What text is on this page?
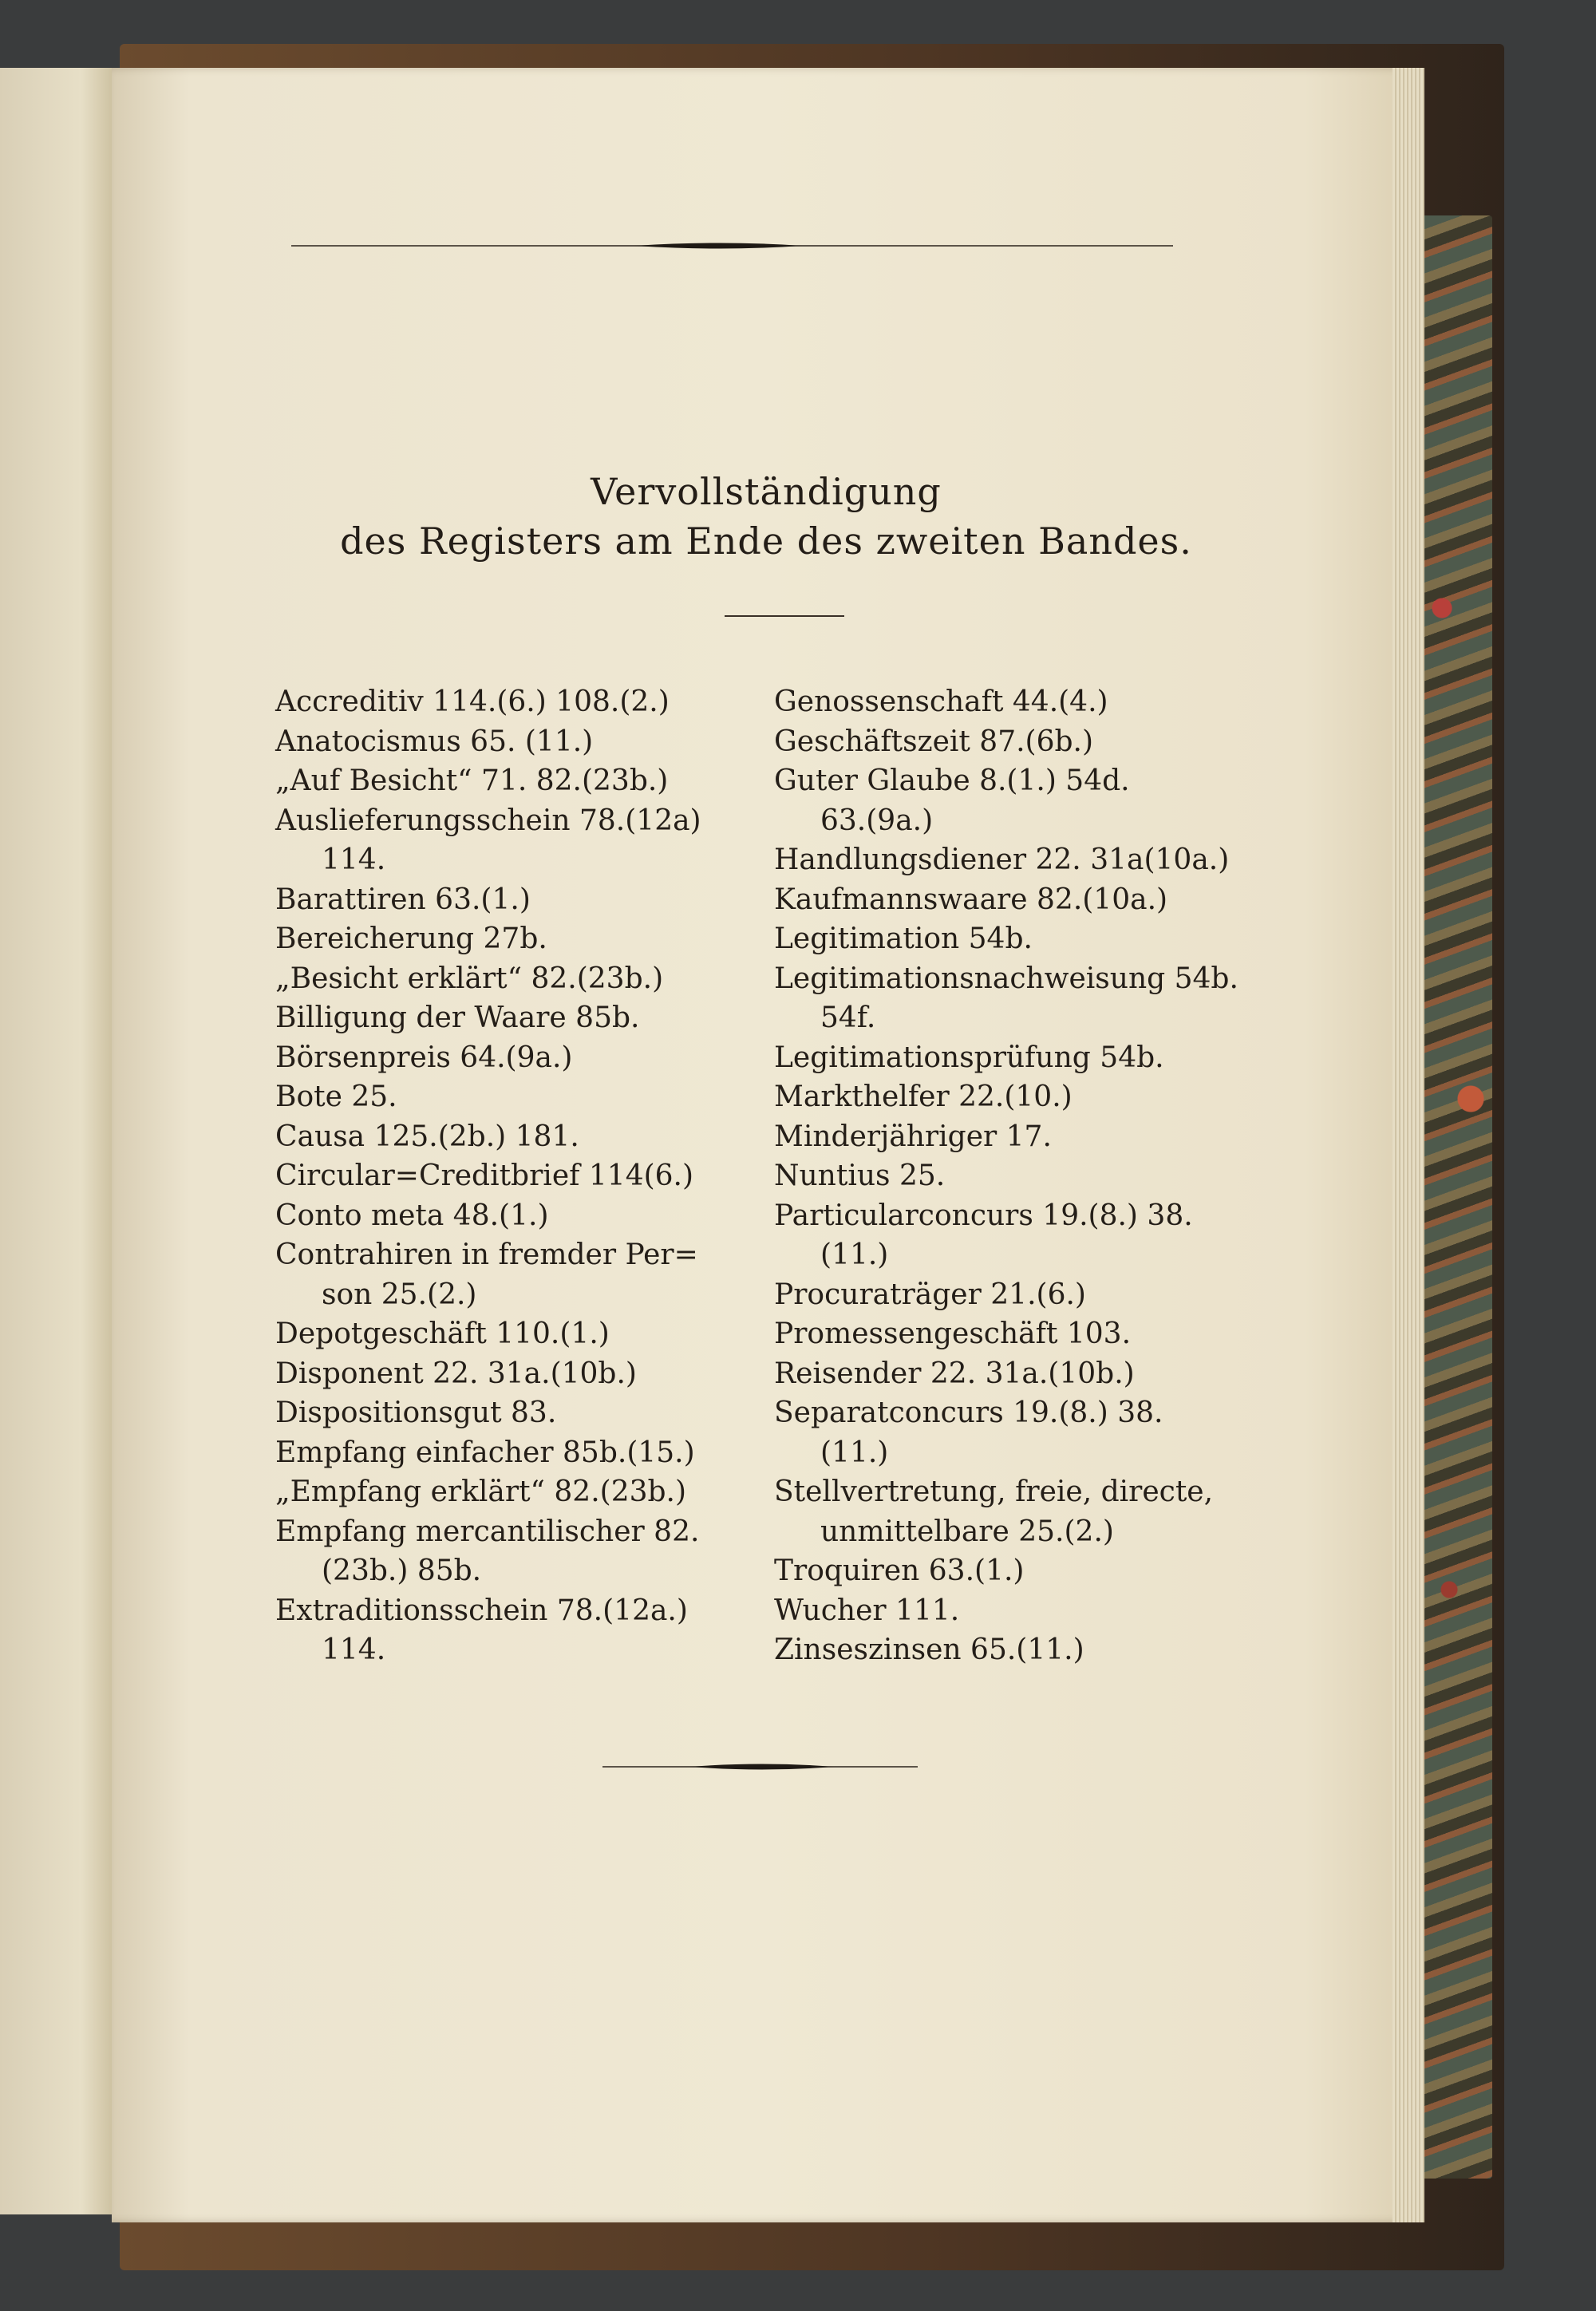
Vervollständigung
des Registers am Ende des zweiten Bandes.

Accreditiv 114.(6.) 108.(2.)

Anatocismus 65. (11.)

„Auf Besicht“ 71. 82.(23b.)

Auslieferungsschein 78.(12a)

114.

Barattiren 63.(1.)

Bereicherung 27b.

„Besicht erklärt“ 82.(23b.)

Billigung der Waare 85b.

Börsenpreis 64.(9a.)

Bote 25.

Causa 125.(2b.) 181.

Circular=Creditbrief 114(6.)

Conto meta 48.(1.)

Contrahiren in fremder Per=

son 25.(2.)

Depotgeschäft 110.(1.)

Disponent 22. 31a.(10b.)

Dispositionsgut 83.

Empfang einfacher 85b.(15.)

„Empfang erklärt“ 82.(23b.)

Empfang mercantilischer 82.

(23b.) 85b.

Extraditionsschein 78.(12a.)

114.

Genossenschaft 44.(4.)

Geschäftszeit 87.(6b.)

Guter Glaube 8.(1.) 54d.

63.(9a.)

Handlungsdiener 22. 31a(10a.)

Kaufmannswaare 82.(10a.)

Legitimation 54b.

Legitimationsnachweisung 54b.

54f.

Legitimationsprüfung 54b.

Markthelfer 22.(10.)

Minderjähriger 17.

Nuntius 25.

Particularconcurs 19.(8.) 38.

(11.)

Procuraträger 21.(6.)

Promessengeschäft 103.

Reisender 22. 31a.(10b.)

Separatconcurs 19.(8.) 38.

(11.)

Stellvertretung, freie, directe,

unmittelbare 25.(2.)

Troquiren 63.(1.)

Wucher 111.

Zinseszinsen 65.(11.)
